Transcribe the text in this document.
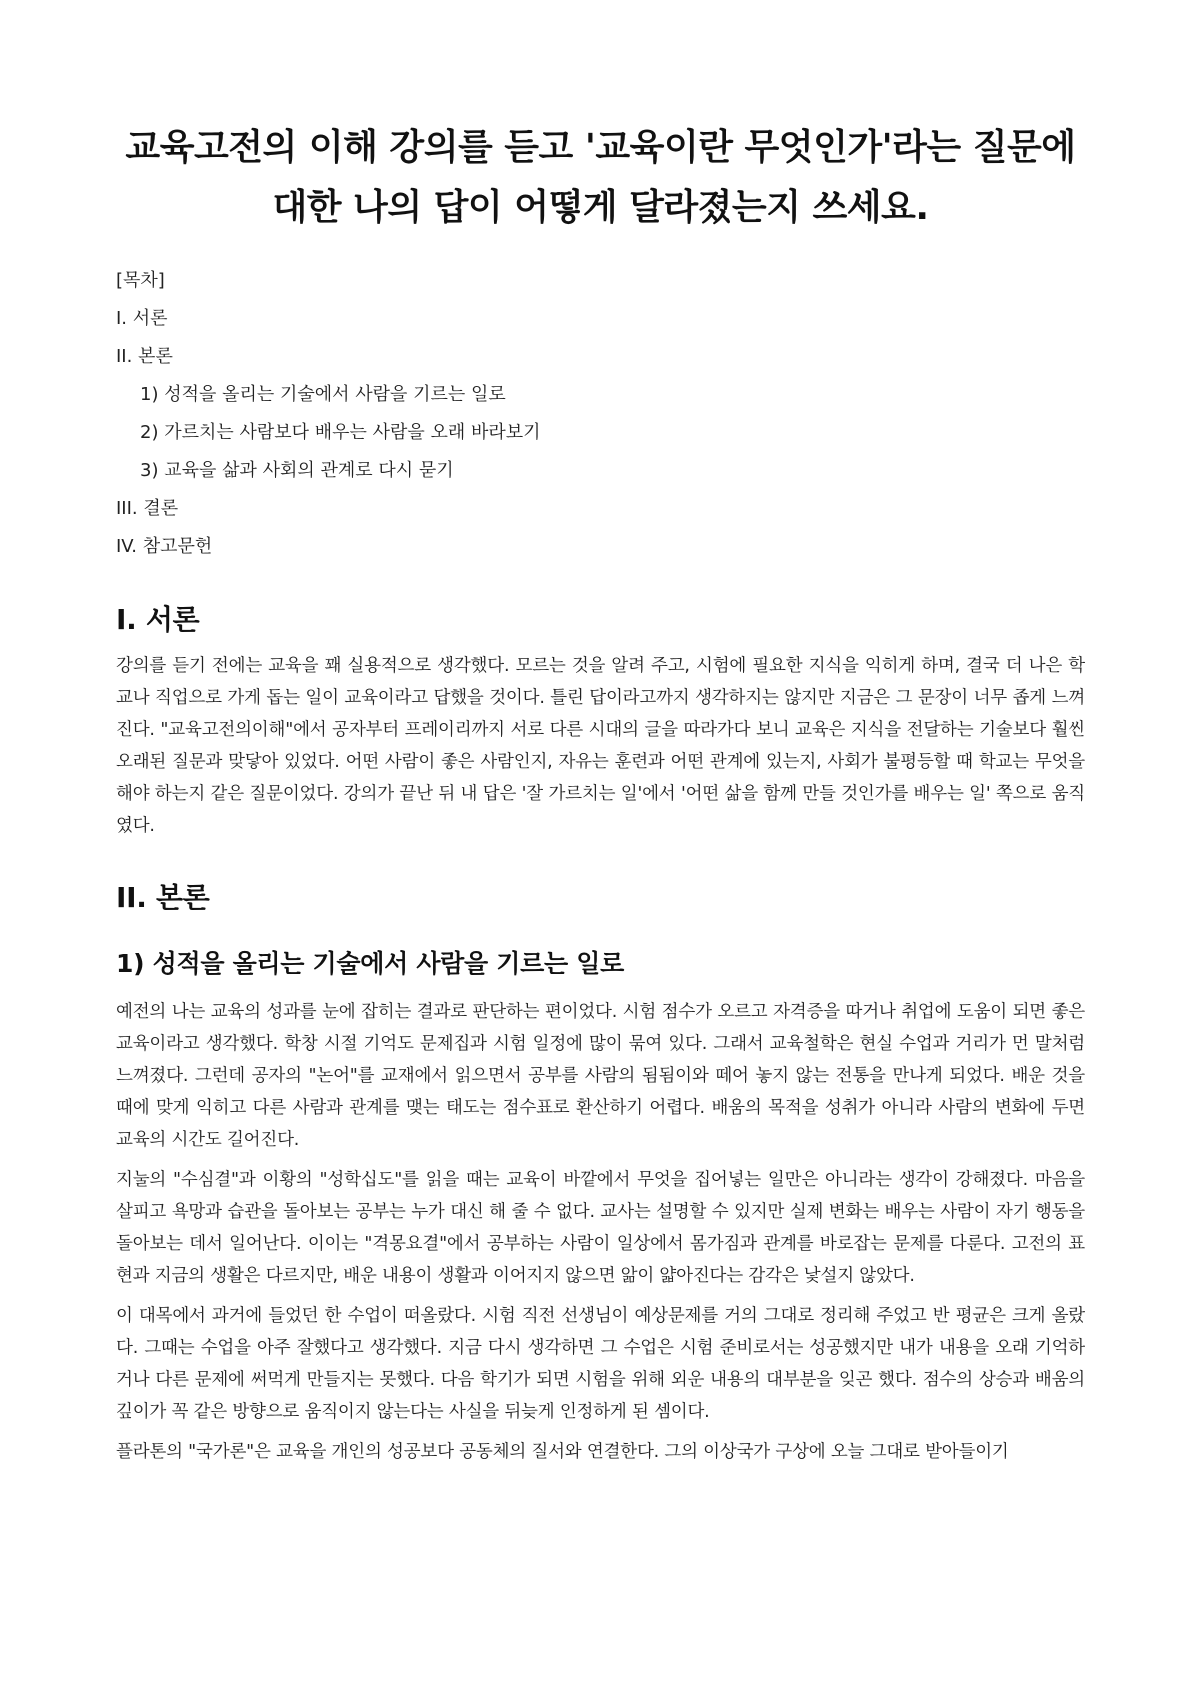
교육고전의 이해 강의를 듣고 '교육이란 무엇인가'라는 질문에 대한 나의 답이 어떻게 달라졌는지 쓰세요.
[목차]
I. 서론
II. 본론
1) 성적을 올리는 기술에서 사람을 기르는 일로
2) 가르치는 사람보다 배우는 사람을 오래 바라보기
3) 교육을 삶과 사회의 관계로 다시 묻기
III. 결론
IV. 참고문헌
I. 서론

강의를 듣기 전에는 교육을 꽤 실용적으로 생각했다. 모르는 것을 알려 주고, 시험에 필요한 지식을 익히게 하며, 결국 더 나은 학교나 직업으로 가게 돕는 일이 교육이라고 답했을 것이다. 틀린 답이라고까지 생각하지는 않지만 지금은 그 문장이 너무 좁게 느껴진다. "교육고전의이해"에서 공자부터 프레이리까지 서로 다른 시대의 글을 따라가다 보니 교육은 지식을 전달하는 기술보다 훨씬 오래된 질문과 맞닿아 있었다. 어떤 사람이 좋은 사람인지, 자유는 훈련과 어떤 관계에 있는지, 사회가 불평등할 때 학교는 무엇을 해야 하는지 같은 질문이었다. 강의가 끝난 뒤 내 답은 '잘 가르치는 일'에서 '어떤 삶을 함께 만들 것인가를 배우는 일' 쪽으로 움직였다.

II. 본론
1) 성적을 올리는 기술에서 사람을 기르는 일로

예전의 나는 교육의 성과를 눈에 잡히는 결과로 판단하는 편이었다. 시험 점수가 오르고 자격증을 따거나 취업에 도움이 되면 좋은 교육이라고 생각했다. 학창 시절 기억도 문제집과 시험 일정에 많이 묶여 있다. 그래서 교육철학은 현실 수업과 거리가 먼 말처럼 느껴졌다. 그런데 공자의 "논어"를 교재에서 읽으면서 공부를 사람의 됨됨이와 떼어 놓지 않는 전통을 만나게 되었다. 배운 것을 때에 맞게 익히고 다른 사람과 관계를 맺는 태도는 점수표로 환산하기 어렵다. 배움의 목적을 성취가 아니라 사람의 변화에 두면 교육의 시간도 길어진다.

지눌의 "수심결"과 이황의 "성학십도"를 읽을 때는 교육이 바깥에서 무엇을 집어넣는 일만은 아니라는 생각이 강해졌다. 마음을 살피고 욕망과 습관을 돌아보는 공부는 누가 대신 해 줄 수 없다. 교사는 설명할 수 있지만 실제 변화는 배우는 사람이 자기 행동을 돌아보는 데서 일어난다. 이이는 "격몽요결"에서 공부하는 사람이 일상에서 몸가짐과 관계를 바로잡는 문제를 다룬다. 고전의 표현과 지금의 생활은 다르지만, 배운 내용이 생활과 이어지지 않으면 앎이 얇아진다는 감각은 낯설지 않았다.

이 대목에서 과거에 들었던 한 수업이 떠올랐다. 시험 직전 선생님이 예상문제를 거의 그대로 정리해 주었고 반 평균은 크게 올랐다. 그때는 수업을 아주 잘했다고 생각했다. 지금 다시 생각하면 그 수업은 시험 준비로서는 성공했지만 내가 내용을 오래 기억하거나 다른 문제에 써먹게 만들지는 못했다. 다음 학기가 되면 시험을 위해 외운 내용의 대부분을 잊곤 했다. 점수의 상승과 배움의 깊이가 꼭 같은 방향으로 움직이지 않는다는 사실을 뒤늦게 인정하게 된 셈이다.

플라톤의 "국가론"은 교육을 개인의 성공보다 공동체의 질서와 연결한다. 그의 이상국가 구상에 오늘 그대로 받아들이기
